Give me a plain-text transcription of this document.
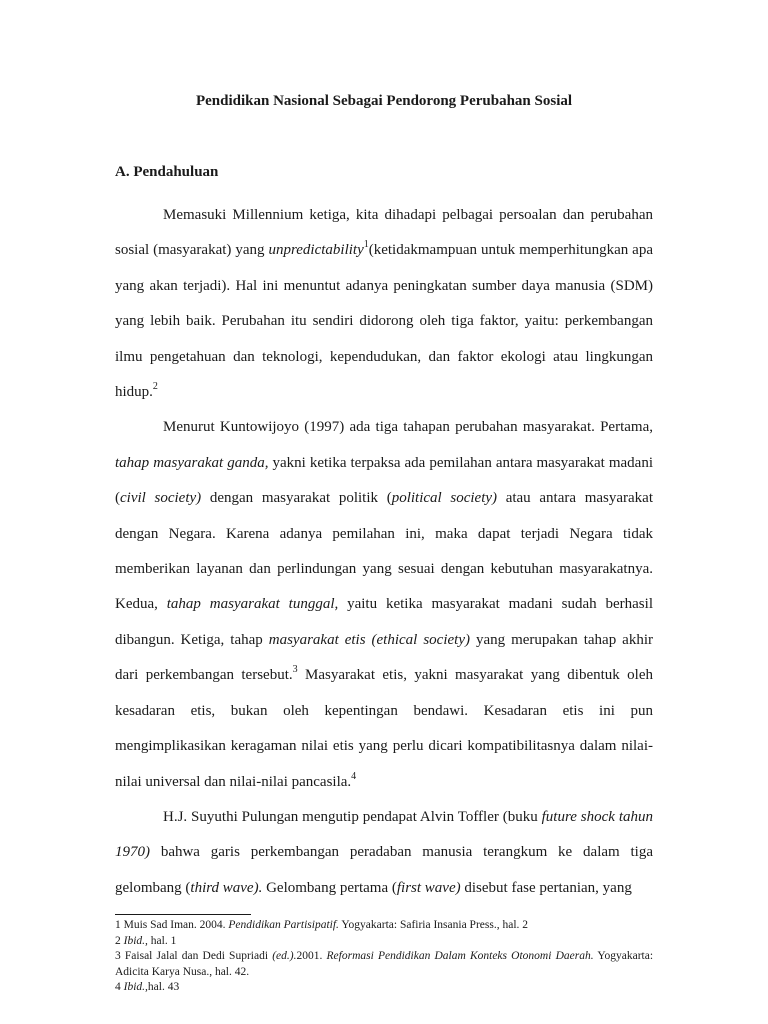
Pendidikan Nasional Sebagai Pendorong Perubahan Sosial
A. Pendahuluan

Memasuki Millennium ketiga, kita dihadapi pelbagai persoalan dan perubahan sosial (masyarakat) yang unpredictability$^1$(ketidakmampuan untuk memperhitungkan apa yang akan terjadi). Hal ini menuntut adanya peningkatan sumber daya manusia (SDM) yang lebih baik. Perubahan itu sendiri didorong oleh tiga faktor, yaitu: perkembangan ilmu pengetahuan dan teknologi, kependudukan, dan faktor ekologi atau lingkungan hidup.$^2$

Menurut Kuntowijoyo (1997) ada tiga tahapan perubahan masyarakat. Pertama, tahap masyarakat ganda, yakni ketika terpaksa ada pemilahan antara masyarakat madani (civil society) dengan masyarakat politik (political society) atau antara masyarakat dengan Negara. Karena adanya pemilahan ini, maka dapat terjadi Negara tidak memberikan layanan dan perlindungan yang sesuai dengan kebutuhan masyarakatnya. Kedua, tahap masyarakat tunggal, yaitu ketika masyarakat madani sudah berhasil dibangun. Ketiga, tahap masyarakat etis (ethical society) yang merupakan tahap akhir dari perkembangan tersebut.$^3$ Masyarakat etis, yakni masyarakat yang dibentuk oleh kesadaran etis, bukan oleh kepentingan bendawi. Kesadaran etis ini pun mengimplikasikan keragaman nilai etis yang perlu dicari kompatibilitasnya dalam nilai-nilai universal dan nilai-nilai pancasila.$^4$

H.J. Suyuthi Pulungan mengutip pendapat Alvin Toffler (buku future shock tahun 1970) bahwa garis perkembangan peradaban manusia terangkum ke dalam tiga gelombang (third wave). Gelombang pertama (first wave) disebut fase pertanian, yang

1 Muis Sad Iman. 2004. Pendidikan Partisipatif. Yogyakarta: Safiria Insania Press., hal. 2

2 Ibid., hal. 1

3 Faisal Jalal dan Dedi Supriadi (ed.).2001. Reformasi Pendidikan Dalam Konteks Otonomi Daerah. Yogyakarta: Adicita Karya Nusa., hal. 42.

4 Ibid.,hal. 43
